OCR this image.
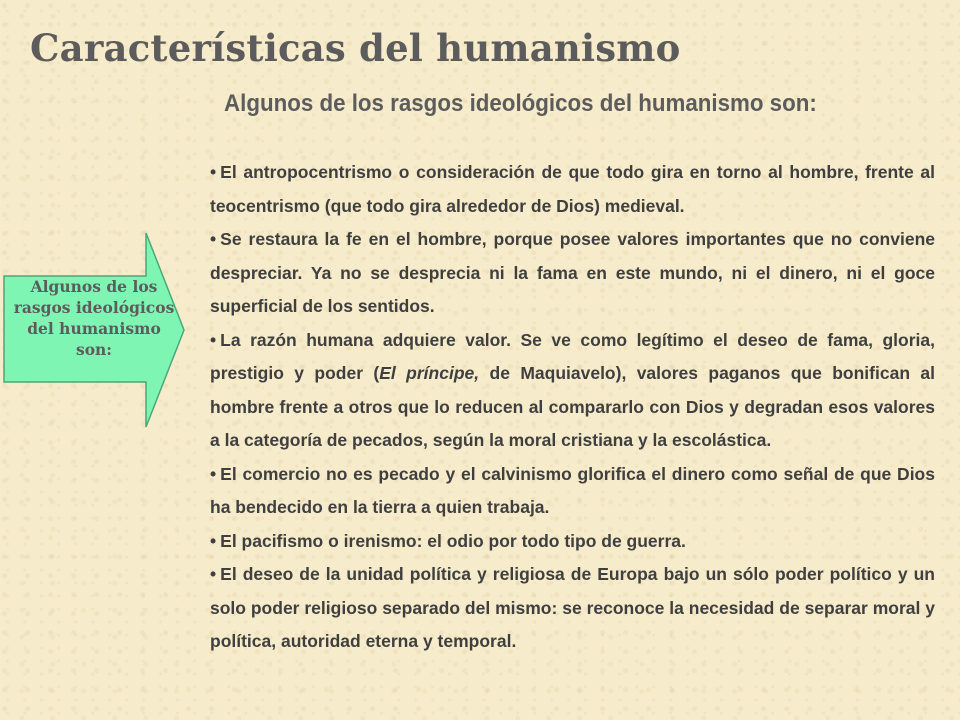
Características del humanismo
Algunos de los rasgos ideológicos del humanismo son:
Algunos de los rasgos ideológicos del humanismo son:

• El antropocentrismo o consideración de que todo gira en torno al hombre, frente al teocentrismo (que todo gira alrededor de Dios) medieval.

• Se restaura la fe en el hombre, porque posee valores importantes que no conviene despreciar. Ya no se desprecia ni la fama en este mundo, ni el dinero, ni el goce superficial de los sentidos.

• La razón humana adquiere valor. Se ve como legítimo el deseo de fama, gloria, prestigio y poder (El príncipe, de Maquiavelo), valores paganos que bonifican al hombre frente a otros que lo reducen al compararlo con Dios y degradan esos valores a la categoría de pecados, según la moral cristiana y la escolástica.

• El comercio no es pecado y el calvinismo glorifica el dinero como señal de que Dios ha bendecido en la tierra a quien trabaja.

• El pacifismo o irenismo: el odio por todo tipo de guerra.

• El deseo de la unidad política y religiosa de Europa bajo un sólo poder político y un solo poder religioso separado del mismo: se reconoce la necesidad de separar moral y política, autoridad eterna y temporal.
